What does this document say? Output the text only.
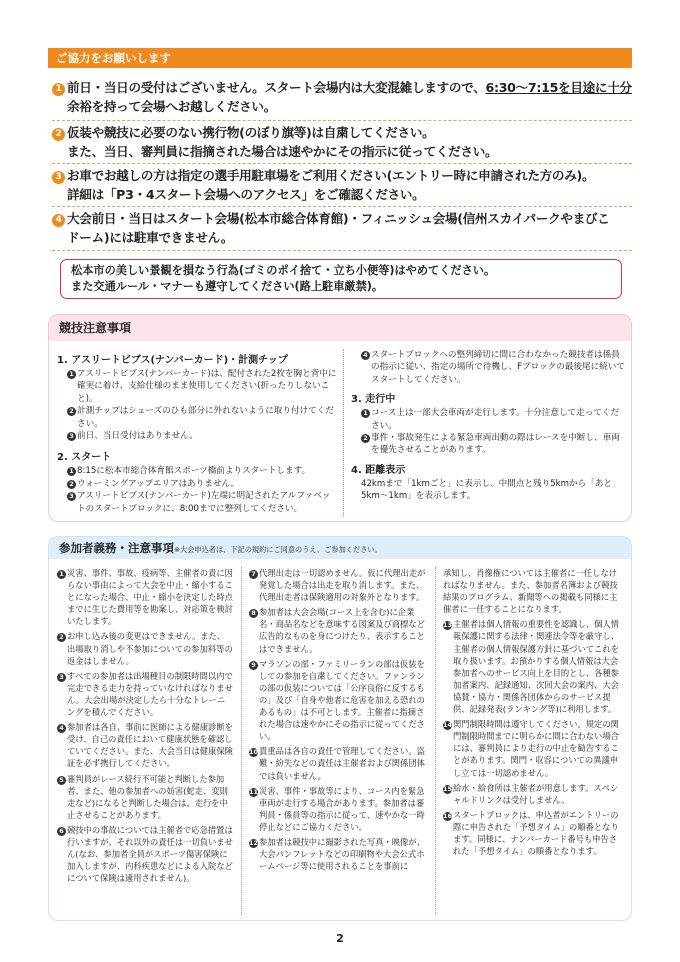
ご協力をお願いします
1 前日・当日の受付はございません。スタート会場内は大変混雑しますので、6:30〜7:15を目途に十分
余裕を持って会場へお越しください。
2 仮装や競技に必要のない携行物(のぼり旗等)は自粛してください。
また、当日、審判員に指摘された場合は速やかにその指示に従ってください。
3 お車でお越しの方は指定の選手用駐車場をご利用ください(エントリー時に申請された方のみ)。
詳細は「P3・4スタート会場へのアクセス」をご確認ください。
4 大会前日・当日はスタート会場(松本市総合体育館)・フィニッシュ会場(信州スカイパークやまびこ
ドーム)には駐車できません。
松本市の美しい景観を損なう行為(ゴミのポイ捨て・立ち小便等)はやめてください。
また交通ルール・マナーも遵守してください(路上駐車厳禁)。
競技注意事項
1. アスリートビブス(ナンバーカード)・計測チップ
1 アスリートビブス(ナンバーカード)は、配付された2枚を胸と背中に確実に着け、支給仕様のまま使用してください(折ったりしないこと)。
2 計測チップはシューズのひも部分に外れないように取り付けてください。
3 前日、当日受付はありません。
2. スタート
1 8:15に松本市総合体育館スポーツ橋前よりスタートします。
2 ウォーミングアップエリアはありません。
3 アスリートビブス(ナンバーカード)左端に明記されたアルファベットのスタートブロックに、8:00までに整列してください。
4 スタートブロックへの整列締切に間に合わなかった競技者は係員の指示に従い、指定の場所で待機し、Fブロックの最後尾に続いてスタートしてください。
3. 走行中
1 コース上は一部大会車両が走行します。十分注意して走ってください。
2 事件・事故発生による緊急車両出動の際はレースを中断し、車両を優先させることがあります。
4. 距離表示
42kmまで「1kmごと」に表示し、中間点と残り5kmから「あと5km〜1km」を表示します。
参加者義務・注意事項※大会申込者は、下記の規約にご同意のうえ、ご参加ください。
1 災害、事件、事故、疫病等、主催者の責に因らない事由によって大会を中止・縮小することになった場合、中止・縮小を決定した時点までに生じた費用等を勘案し、対応策を検討いたします。
2 お申し込み後の変更はできません。また、出場取り消しや不参加についての参加料等の返金はしません。
3 すべての参加者は出場種目の制限時間以内で完走できる走力を持っていなければなりません。大会出場が決定したら十分なトレーニングを積んでください。
4 参加者は各自、事前に医師による健康診断を受け、自己の責任において健康状態を確認していてください。また、大会当日は健康保険証を必ず携行してください。
5 審判員がレース続行不可能と判断した参加者、また、他の参加者への妨害(蛇走、変則走など)になると判断した場合は、走行を中止させることがあります。
6 競技中の事故については主催者で応急措置は行いますが、それ以外の責任は一切負いません(なお、参加者全員がスポーツ傷害保険に加入しますが、内科疾患などによる入院などについて保険は適用されません)。
7 代理出走は一切認めません。仮に代理出走が発覚した場合は出走を取り消します。また、代理出走者は保険適用の対象外となります。
8 参加者は大会会場(コース上を含む)に企業名・商品名などを意味する図案及び商標など広告的なものを身につけたり、表示することはできません。
9 マラソンの部・ファミリーランの部は仮装をしての参加を自粛してください。ファンランの部の仮装については「公序良俗に反するもの」及び「自身や他者に危害を加える恐れのあるもの」は不可とします。主催者に指摘された場合は速やかにその指示に従ってください。
10貴重品は各自の責任で管理してください。盗難・紛失などの責任は主催者および関係団体では負いません。
11災害、事件・事故等により、コース内を緊急車両が走行する場合があります。参加者は審判員・係員等の指示に従って、速やかな一時停止などにご協力ください。
12参加者は競技中に撮影された写真・映像が、大会パンフレットなどの印刷物や大会公式ホームページ等に使用されることを事前に
承知し、肖像権については主催者に一任しなければなりません。また、参加者名簿および競技結果のプログラム、新聞等への掲載も同様に主催者に一任することになります。
13主催者は個人情報の重要性を認識し、個人情報保護に関する法律・関連法令等を厳守し、主催者の個人情報保護方針に基づいてこれを取り扱います。お預かりする個人情報は大会参加者へのサービス向上を目的とし、各種参加者案内、記録通知、次回大会の案内、大会協賛・協力・関係各団体からのサービス提供、記録発表(ランキング等)に利用します。
14関門制限時間は遵守してください。規定の関門制限時間までに明らかに間に合わない場合には、審判員により走行の中止を勧告することがあります。関門・収容についての異議申し立ては一切認めません。
15給水・給食所は主催者が用意します。スペシャルドリンクは受付しません。
16スタートブロックは、申込者がエントリーの際に申告された「予想タイム」の順番となります。同様に、ナンバーカード番号も申告された「予想タイム」の順番となります。
2
